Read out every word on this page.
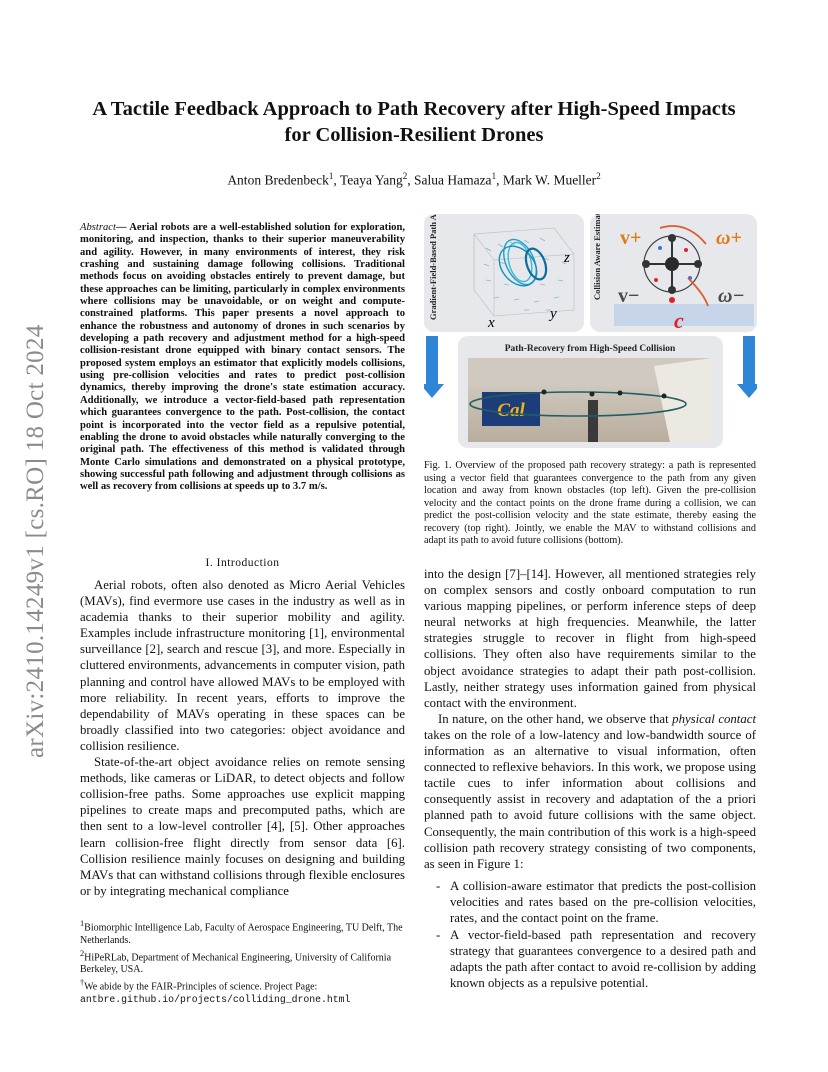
arXiv:2410.14249v1 [cs.RO] 18 Oct 2024
A Tactile Feedback Approach to Path Recovery after High-Speed Impacts for Collision-Resilient Drones
Anton Bredenbeck$^1$, Teaya Yang$^2$, Salua Hamaza$^1$, Mark W. Mueller$^2$
Abstract— Aerial robots are a well-established solution for exploration, monitoring, and inspection, thanks to their superior maneuverability and agility. However, in many environments of interest, they risk crashing and sustaining damage following collisions. Traditional methods focus on avoiding obstacles entirely to prevent damage, but these approaches can be limiting, particularly in complex environments where collisions may be unavoidable, or on weight and compute-constrained platforms. This paper presents a novel approach to enhance the robustness and autonomy of drones in such scenarios by developing a path recovery and adjustment method for a high-speed collision-resistant drone equipped with binary contact sensors. The proposed system employs an estimator that explicitly models collisions, using pre-collision velocities and rates to predict post-collision dynamics, thereby improving the drone's state estimation accuracy. Additionally, we introduce a vector-field-based path representation which guarantees convergence to the path. Post-collision, the contact point is incorporated into the vector field as a repulsive potential, enabling the drone to avoid obstacles while naturally converging to the original path. The effectiveness of this method is validated through Monte Carlo simulations and demonstrated on a physical prototype, showing successful path following and adjustment through collisions as well as recovery from collisions at speeds up to 3.7 m/s.
I. Introduction

Aerial robots, often also denoted as Micro Aerial Vehicles (MAVs), find evermore use cases in the industry as well as in academia thanks to their superior mobility and agility. Examples include infrastructure monitoring [1], environmental surveillance [2], search and rescue [3], and more. Especially in cluttered environments, advancements in computer vision, path planning and control have allowed MAVs to be employed with more reliability. In recent years, efforts to improve the dependability of MAVs operating in these spaces can be broadly classified into two categories: object avoidance and collision resilience.

State-of-the-art object avoidance relies on remote sensing methods, like cameras or LiDAR, to detect objects and follow collision-free paths. Some approaches use explicit mapping pipelines to create maps and precomputed paths, which are then sent to a low-level controller [4], [5]. Other approaches learn collision-free flight directly from sensor data [6]. Collision resilience mainly focuses on designing and building MAVs that can withstand collisions through flexible enclosures or by integrating mechanical compliance

$^1$Biomorphic Intelligence Lab, Faculty of Aerospace Engineering, TU Delft, The Netherlands.
$^2$HiPeRLab, Department of Mechanical Engineering, University of California Berkeley, USA.
†We abide by the FAIR-Principles of science. Project Page:
antbre.github.io/projects/colliding_drone.html
Gradient-Field-Based Path Adaptation	z
y
x
Collision Aware Estimation v+	ω+
v−	ω−
c
Path-Recovery from High-Speed Collision
Cal
Fig. 1. Overview of the proposed path recovery strategy: a path is represented using a vector field that guarantees convergence to the path from any given location and away from known obstacles (top left). Given the pre-collision velocity and the contact points on the drone frame during a collision, we can predict the post-collision velocity and the state estimate, thereby easing the recovery (top right). Jointly, we enable the MAV to withstand collisions and adapt its path to avoid future collisions (bottom).

into the design [7]–[14]. However, all mentioned strategies rely on complex sensors and costly onboard computation to run various mapping pipelines, or perform inference steps of deep neural networks at high frequencies. Meanwhile, the latter strategies struggle to recover in flight from high-speed collisions. They often also have requirements similar to the object avoidance strategies to adapt their path post-collision. Lastly, neither strategy uses information gained from physical contact with the environment.

In nature, on the other hand, we observe that physical contact takes on the role of a low-latency and low-bandwidth source of information as an alternative to visual information, often connected to reflexive behaviors. In this work, we propose using tactile cues to infer information about collisions and consequently assist in recovery and adaptation of the a priori planned path to avoid future collisions with the same object. Consequently, the main contribution of this work is a high-speed collision path recovery strategy consisting of two components, as seen in Figure 1:

- A collision-aware estimator that predicts the post-collision velocities and rates based on the pre-collision velocities, rates, and the contact point on the frame.
- A vector-field-based path representation and recovery strategy that guarantees convergence to a desired path and adapts the path after contact to avoid re-collision by adding known objects as a repulsive potential.
